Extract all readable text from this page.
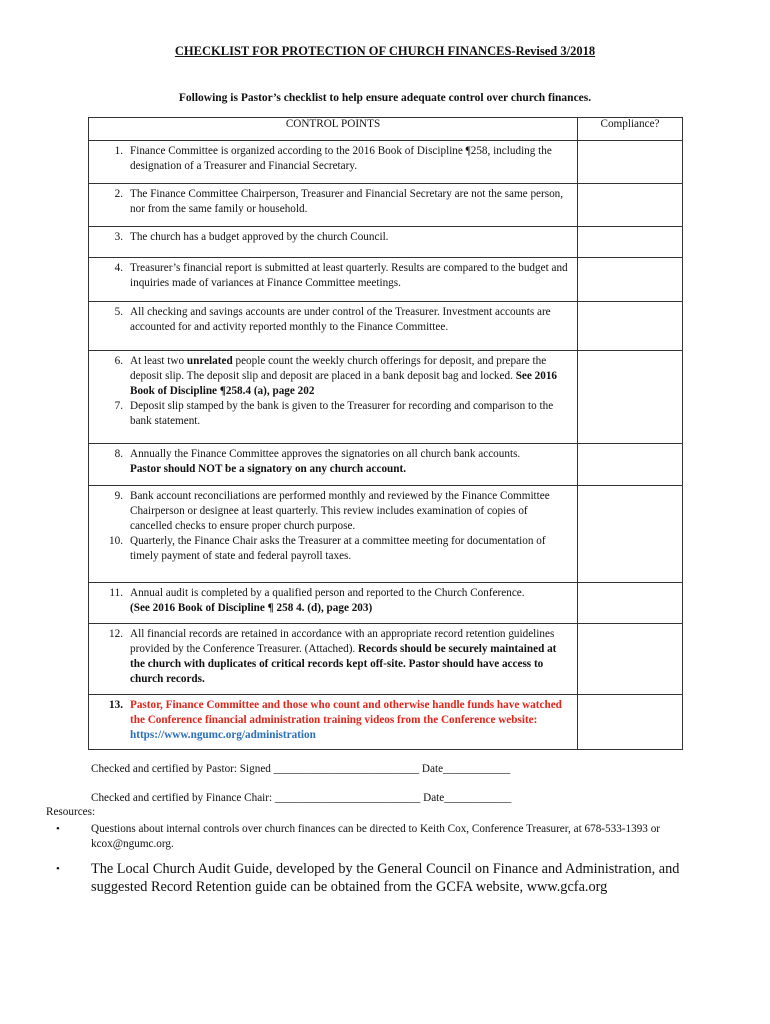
CHECKLIST FOR PROTECTION OF CHURCH FINANCES-Revised 3/2018
Following is Pastor’s checklist to help ensure adequate control over church finances.
CONTROL POINTS	Compliance?

1. Finance Committee is organized according to the 2016 Book of Discipline ¶258, including the designation of a Treasurer and Financial Secretary.	

2. The Finance Committee Chairperson, Treasurer and Financial Secretary are not the same person, nor from the same family or household.	

3. The church has a budget approved by the church Council.	

4. Treasurer’s financial report is submitted at least quarterly. Results are compared to the budget and inquiries made of variances at Finance Committee meetings.	

5. All checking and savings accounts are under control of the Treasurer. Investment accounts are accounted for and activity reported monthly to the Finance Committee.	

6. At least two unrelated people count the weekly church offerings for deposit, and prepare the deposit slip. The deposit slip and deposit are placed in a bank deposit bag and locked. See 2016 Book of Discipline ¶258.4 (a), page 202
7. Deposit slip stamped by the bank is given to the Treasurer for recording and comparison to the bank statement.	

8. Annually the Finance Committee approves the signatories on all church bank accounts.
Pastor should NOT be a signatory on any church account.	

9. Bank account reconciliations are performed monthly and reviewed by the Finance Committee Chairperson or designee at least quarterly. This review includes examination of copies of cancelled checks to ensure proper church purpose.
10. Quarterly, the Finance Chair asks the Treasurer at a committee meeting for documentation of timely payment of state and federal payroll taxes.	

11. Annual audit is completed by a qualified person and reported to the Church Conference.
(See 2016 Book of Discipline ¶ 258 4. (d), page 203)	

12. All financial records are retained in accordance with an appropriate record retention guidelines provided by the Conference Treasurer. (Attached). Records should be securely maintained at the church with duplicates of critical records kept off-site. Pastor should have access to church records.	

13. Pastor, Finance Committee and those who count and otherwise handle funds have watched the Conference financial administration training videos from the Conference website: https://www.ngumc.org/administration	

Checked and certified by Pastor: Signed __________________________ Date____________
Checked and certified by Finance Chair: __________________________ Date____________
Resources:
•	Questions about internal controls over church finances can be directed to Keith Cox, Conference Treasurer, at 678-533-1393 or kcox@ngumc.org.
•	The Local Church Audit Guide, developed by the General Council on Finance and Administration, and suggested Record Retention guide can be obtained from the GCFA website, www.gcfa.org
